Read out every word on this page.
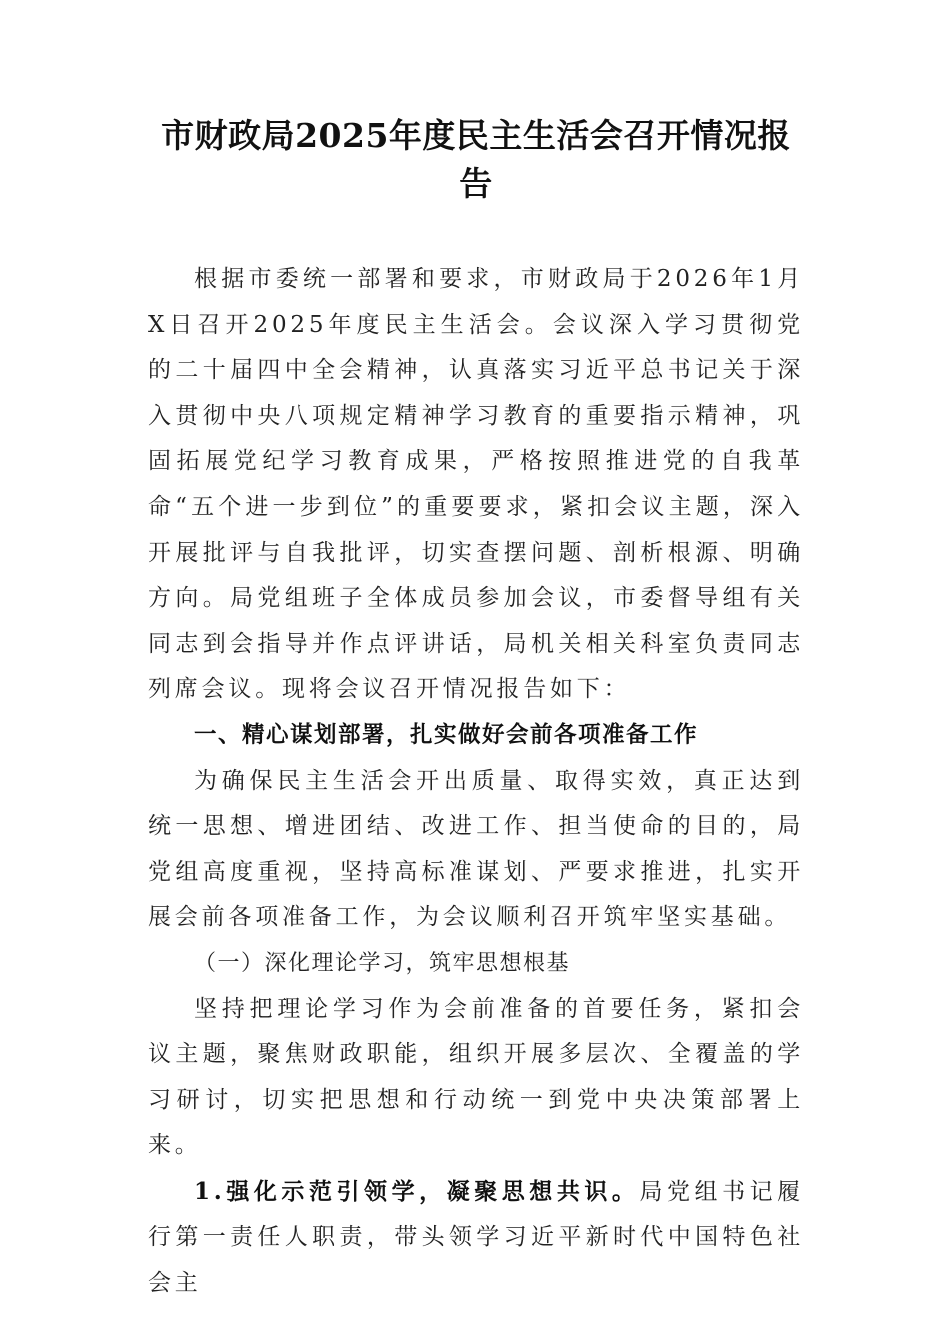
市财政局2025年度民主生活会召开情况报告

根据市委统一部署和要求，市财政局于2026年1月X日召开2025年度民主生活会。会议深入学习贯彻党的二十届四中全会精神，认真落实习近平总书记关于深入贯彻中央八项规定精神学习教育的重要指示精神，巩固拓展党纪学习教育成果，严格按照推进党的自我革命“五个进一步到位”的重要要求，紧扣会议主题，深入开展批评与自我批评，切实查摆问题、剖析根源、明确方向。局党组班子全体成员参加会议，市委督导组有关同志到会指导并作点评讲话，局机关相关科室负责同志列席会议。现将会议召开情况报告如下：

一、精心谋划部署，扎实做好会前各项准备工作

为确保民主生活会开出质量、取得实效，真正达到统一思想、增进团结、改进工作、担当使命的目的，局党组高度重视，坚持高标准谋划、严要求推进，扎实开展会前各项准备工作，为会议顺利召开筑牢坚实基础。

（一）深化理论学习，筑牢思想根基

坚持把理论学习作为会前准备的首要任务，紧扣会议主题，聚焦财政职能，组织开展多层次、全覆盖的学习研讨，切实把思想和行动统一到党中央决策部署上来。

1.强化示范引领学，凝聚思想共识。局党组书记履行第一责任人职责，带头领学习近平新时代中国特色社会主
